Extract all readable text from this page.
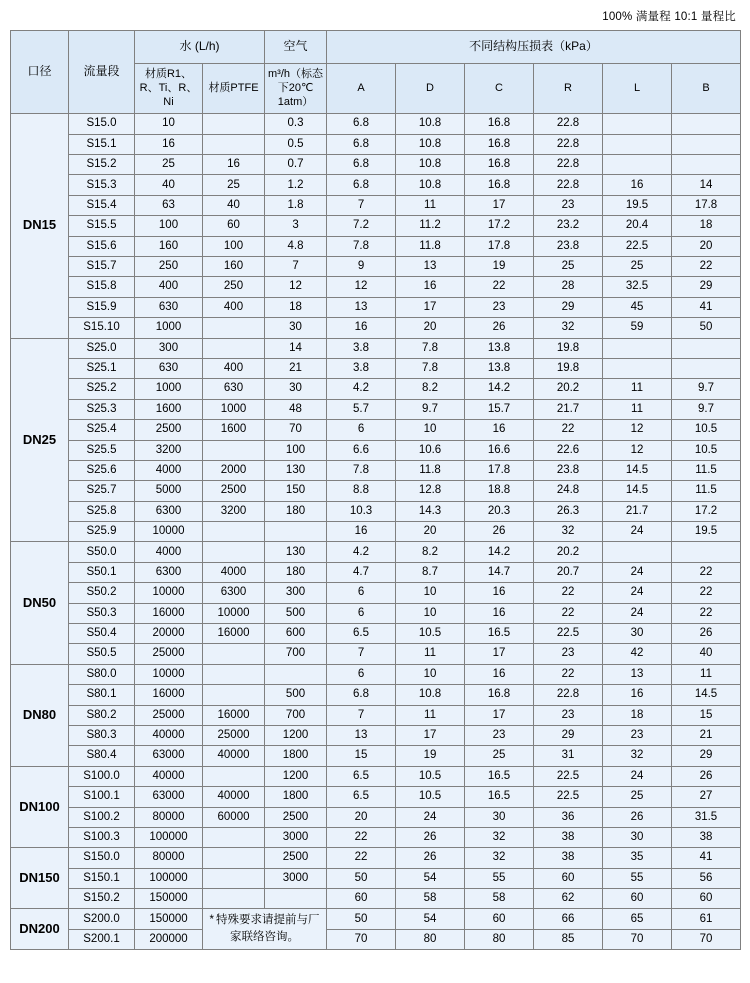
100% 满量程 10:1 量程比
口径	流量段	水 (L/h)		空气	不同结构压损表（kPa）					
		材质R1、R、Ti、R、Ni	材质PTFE	m³/h（标态下20℃ 1atm）	A	D	C	R	L	B
DN15	S15.0	10		0.3	6.8	10.8	16.8	22.8		
	S15.1	16		0.5	6.8	10.8	16.8	22.8		
	S15.2	25	16	0.7	6.8	10.8	16.8	22.8		
	S15.3	40	25	1.2	6.8	10.8	16.8	22.8	16	14
	S15.4	63	40	1.8	7	11	17	23	19.5	17.8
	S15.5	100	60	3	7.2	11.2	17.2	23.2	20.4	18
	S15.6	160	100	4.8	7.8	11.8	17.8	23.8	22.5	20
	S15.7	250	160	7	9	13	19	25	25	22
	S15.8	400	250	12	12	16	22	28	32.5	29
	S15.9	630	400	18	13	17	23	29	45	41
	S15.10	1000		30	16	20	26	32	59	50
DN25	S25.0	300		14	3.8	7.8	13.8	19.8		
	S25.1	630	400	21	3.8	7.8	13.8	19.8		
	S25.2	1000	630	30	4.2	8.2	14.2	20.2	11	9.7
	S25.3	1600	1000	48	5.7	9.7	15.7	21.7	11	9.7
	S25.4	2500	1600	70	6	10	16	22	12	10.5
	S25.5	3200		100	6.6	10.6	16.6	22.6	12	10.5
	S25.6	4000	2000	130	7.8	11.8	17.8	23.8	14.5	11.5
	S25.7	5000	2500	150	8.8	12.8	18.8	24.8	14.5	11.5
	S25.8	6300	3200	180	10.3	14.3	20.3	26.3	21.7	17.2
	S25.9	10000			16	20	26	32	24	19.5
DN50	S50.0	4000		130	4.2	8.2	14.2	20.2		
	S50.1	6300	4000	180	4.7	8.7	14.7	20.7	24	22
	S50.2	10000	6300	300	6	10	16	22	24	22
	S50.3	16000	10000	500	6	10	16	22	24	22
	S50.4	20000	16000	600	6.5	10.5	16.5	22.5	30	26
	S50.5	25000		700	7	11	17	23	42	40
DN80	S80.0	10000			6	10	16	22	13	11
	S80.1	16000		500	6.8	10.8	16.8	22.8	16	14.5
	S80.2	25000	16000	700	7	11	17	23	18	15
	S80.3	40000	25000	1200	13	17	23	29	23	21
	S80.4	63000	40000	1800	15	19	25	31	32	29
DN100	S100.0	40000		1200	6.5	10.5	16.5	22.5	24	26
	S100.1	63000	40000	1800	6.5	10.5	16.5	22.5	25	27
	S100.2	80000	60000	2500	20	24	30	36	26	31.5
	S100.3	100000		3000	22	26	32	38	30	38
DN150	S150.0	80000		2500	22	26	32	38	35	41
	S150.1	100000		3000	50	54	55	60	55	56
	S150.2	150000			60	58	58	62	60	60
DN200	S200.0	150000	* 特殊要求请提前与厂家联络咨询。		50	54	60	66	65	61
	S200.1	200000			70	80	80	85	70	70
